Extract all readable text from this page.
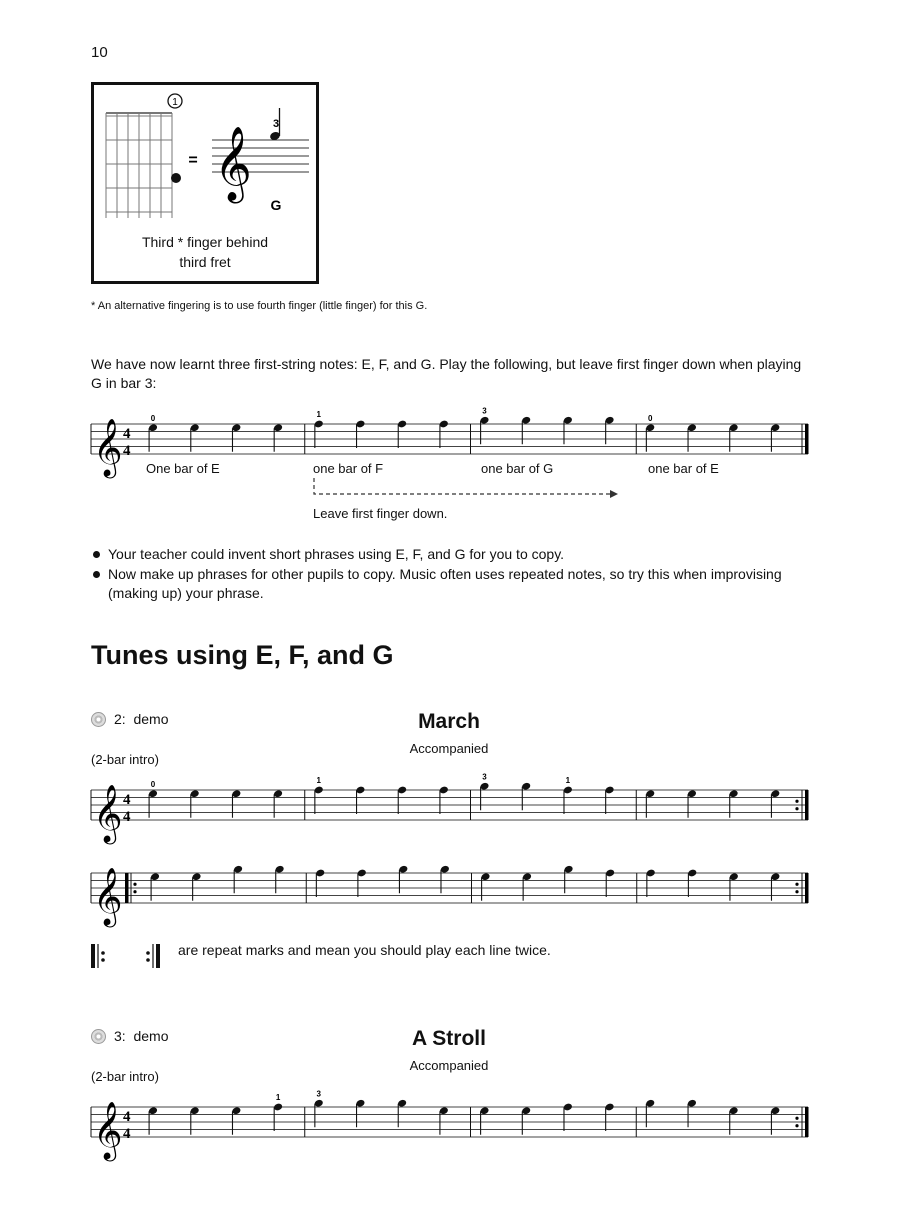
10
1
= 𝄞
3
G
Third * finger behind
third fret
* An alternative fingering is to use fourth finger (little finger) for this G.
We have now learnt three first-string notes: E, F, and G. Play the following, but leave first finger down when playing G in bar 3:
𝄞 4
4
0	1	3
0
One bar of E	one bar of F	one bar of G	one bar of E
Leave first finger down.
Your teacher could invent short phrases using E, F, and G for you to copy.
Now make up phrases for other pupils to copy. Music often uses repeated notes, so try this when improvising (making up) your phrase.
Tunes using E, F, and G
2:
demo	March
Accompanied
(2-bar intro)
𝄞 4
4
0	1	3	1
𝄞
𝄞 4
4
1	3
are repeat marks and mean you should play each line twice.
3:
demo	A Stroll
Accompanied
(2-bar intro)
